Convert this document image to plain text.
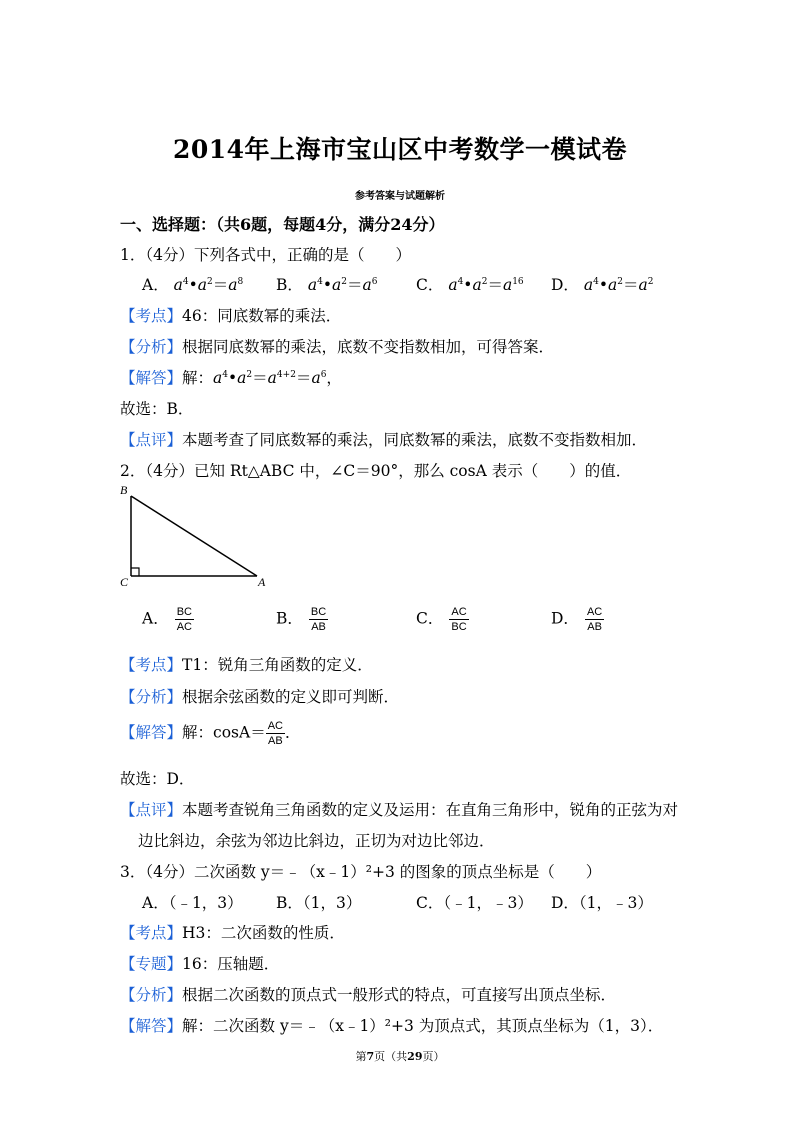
2014年上海市宝山区中考数学一模试卷
参考答案与试题解析
一、选择题：（共6题，每题4分，满分24分）
1．（4分）下列各式中，正确的是（　　）
A． $a^4•a^2=a^8$ B． $a^4•a^2=a^6$ C． $a^4•a^2=a^{16}$ D． $a^4•a^2=a^2$
【考点】46：同底数幂的乘法．
【分析】根据同底数幂的乘法，底数不变指数相加，可得答案．
【解答】解：$a^4•a^2=a^{4+2}=a^6$，
故选：B．
【点评】本题考查了同底数幂的乘法，同底数幂的乘法，底数不变指数相加．
2．（4分）已知 Rt△ABC 中，∠C＝90°，那么 cosA 表示（　　）的值．
B
C	A
A． $\frac{BC}{AC}$	B． $\frac{BC}{AB}$	C． $\frac{AC}{BC}$	D． $\frac{AC}{AB}$
【考点】T1：锐角三角函数的定义．
【分析】根据余弦函数的定义即可判断．
【解答】解：$\cos A= \frac{AC}{AB}$ ．
故选：D．
【点评】本题考查锐角三角函数的定义及运用：在直角三角形中，锐角的正弦为对
边比斜边，余弦为邻边比斜边，正切为对边比邻边．
3．（4分）二次函数 y＝﹣（x﹣1）²+3 的图象的顶点坐标是（　　）
A．（﹣1，3） B．（1，3）	C．（﹣1，﹣3） D．（1，﹣3）
【考点】H3：二次函数的性质．
【专题】16：压轴题．
【分析】根据二次函数的顶点式一般形式的特点，可直接写出顶点坐标．
【解答】解：二次函数 y＝﹣（x﹣1）²+3 为顶点式，其顶点坐标为（1，3）．
第7页（共29页）
